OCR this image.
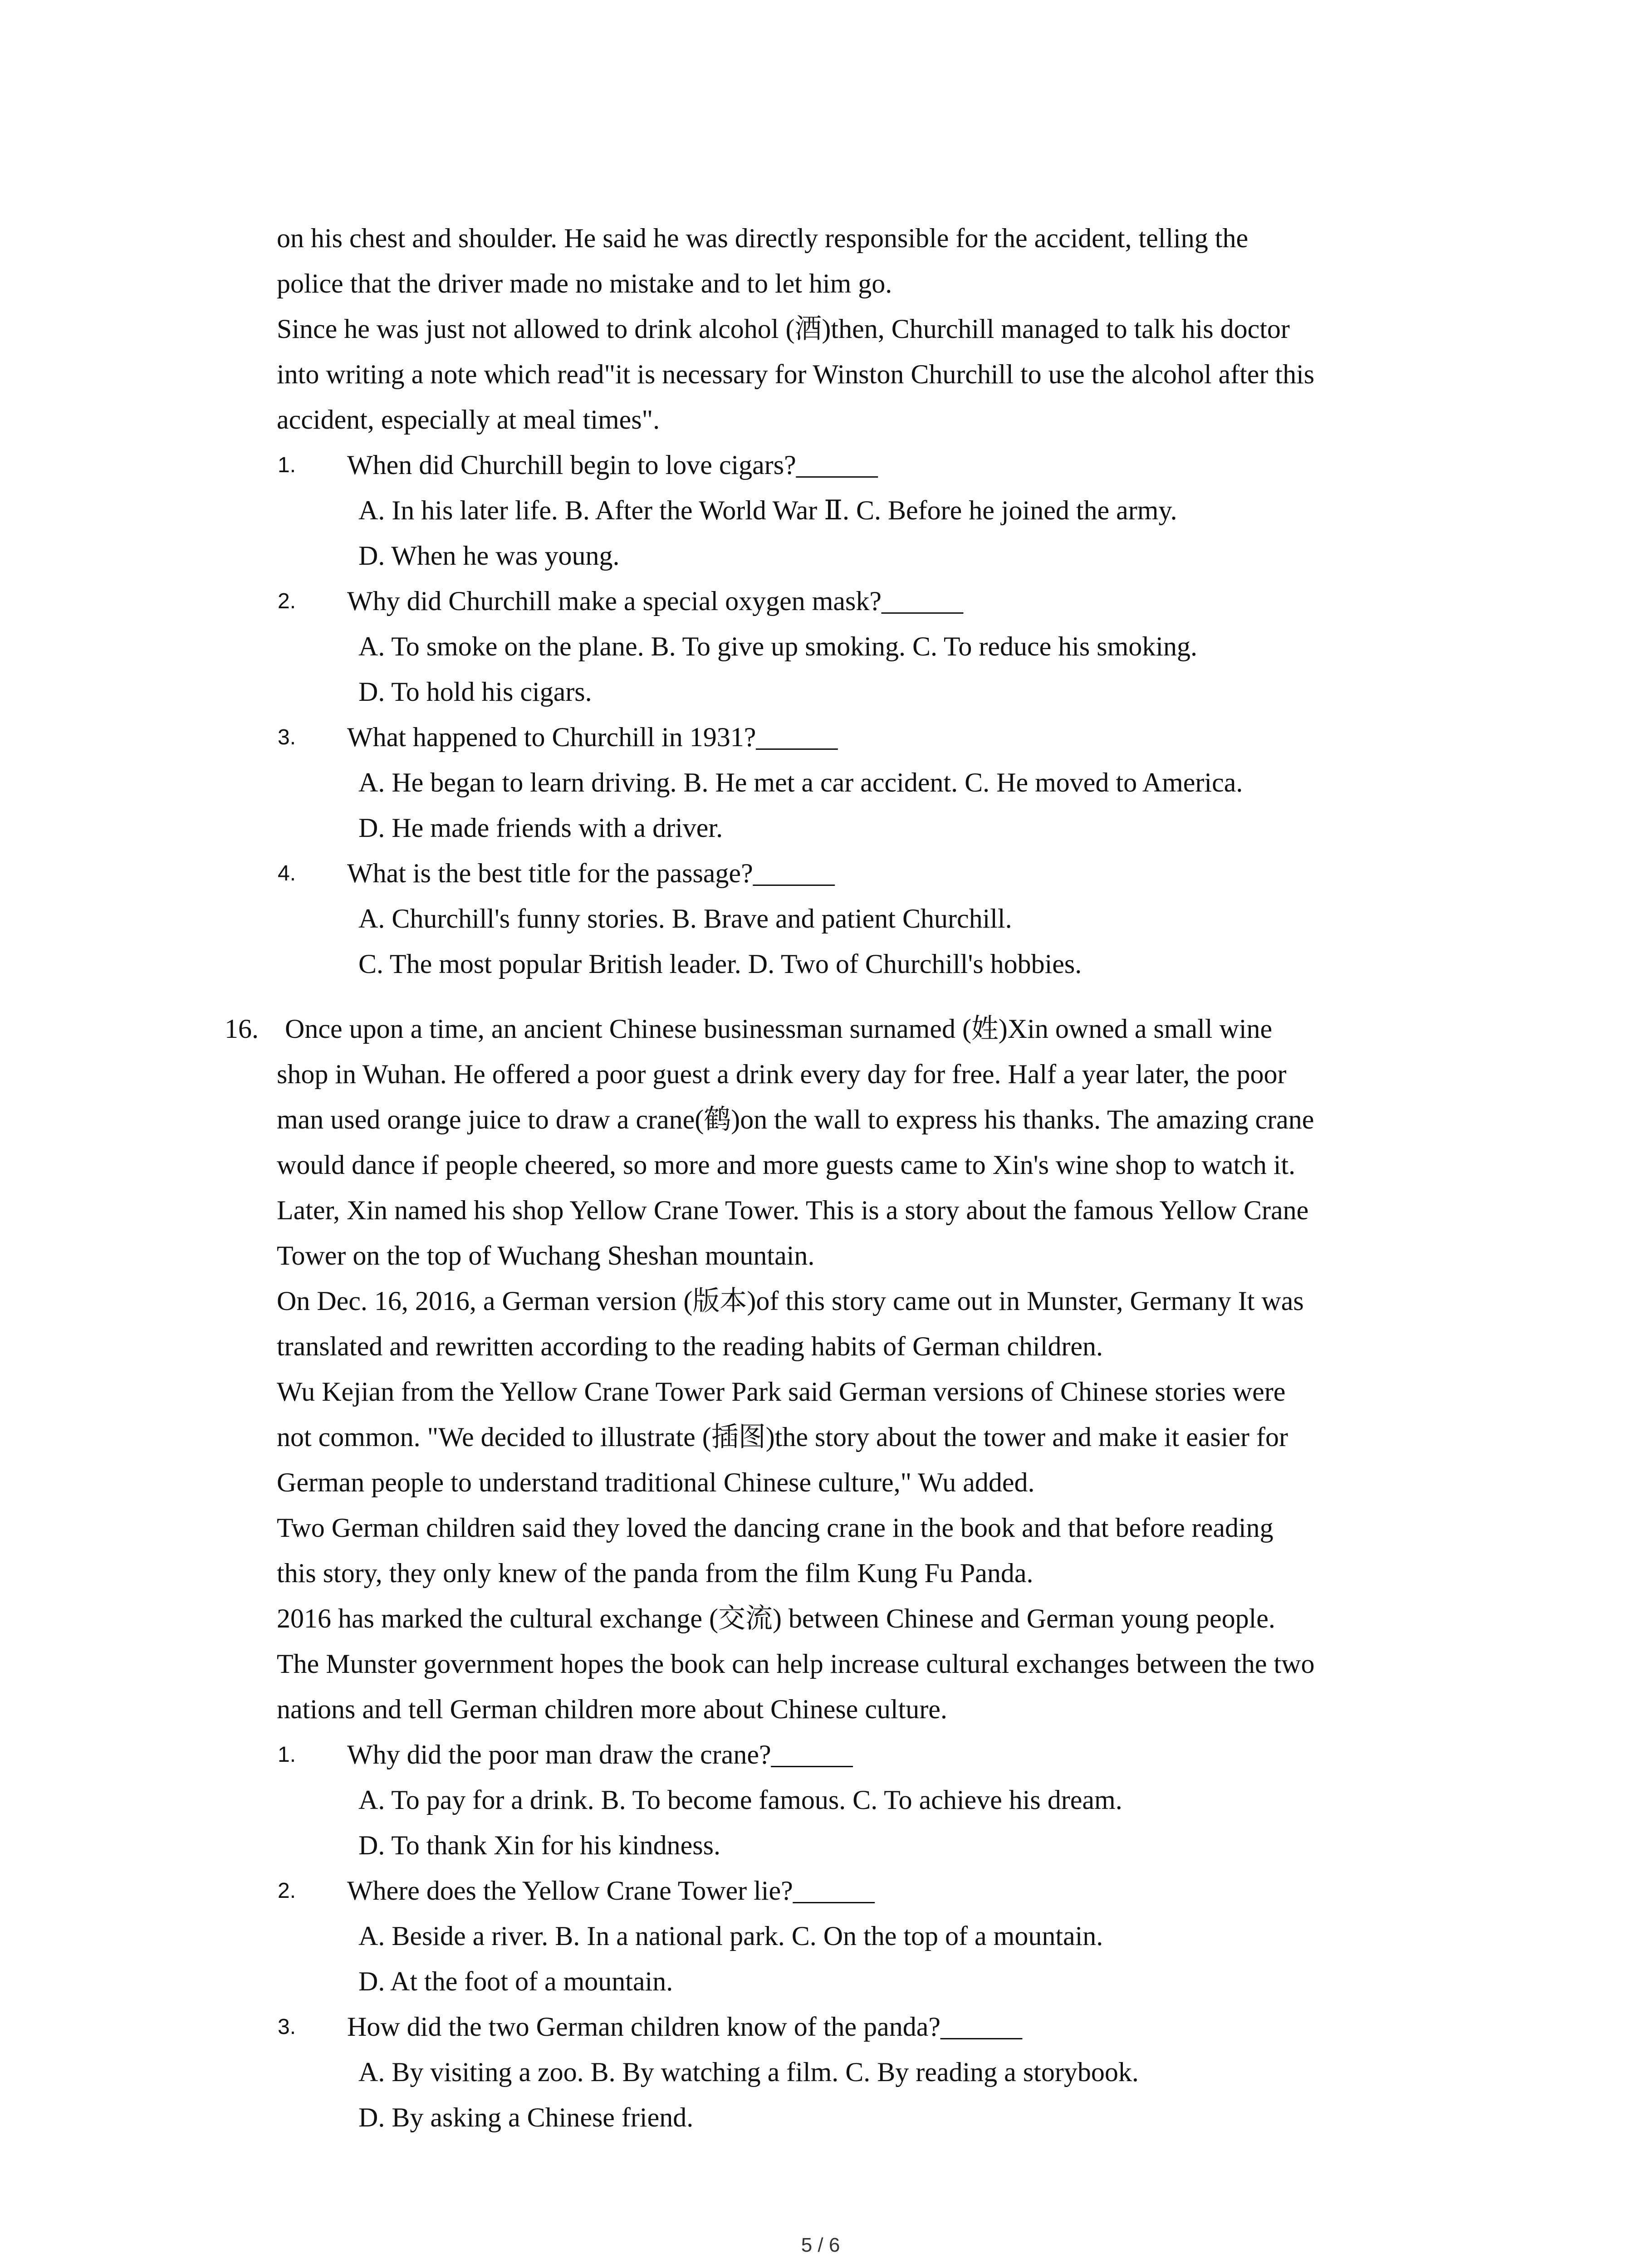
on his chest and shoulder. He said he was directly responsible for the accident, telling the
police that the driver made no mistake and to let him go.
Since he was just not allowed to drink alcohol (酒)then, Churchill managed to talk his doctor
into writing a note which read"it is necessary for Winston Churchill to use the alcohol after this
accident, especially at meal times".
1. When did Churchill begin to love cigars?______
A. In his later life. B. After the World War Ⅱ. C. Before he joined the army.
D. When he was young.
2. Why did Churchill make a special oxygen mask?______
A. To smoke on the plane. B. To give up smoking. C. To reduce his smoking.
D. To hold his cigars.
3. What happened to Churchill in 1931?______
A. He began to learn driving. B. He met a car accident. C. He moved to America.
D. He made friends with a driver.
4. What is the best title for the passage?______
A. Churchill's funny stories. B. Brave and patient Churchill.
C. The most popular British leader. D. Two of Churchill's hobbies.
16. Once upon a time, an ancient Chinese businessman surnamed (姓)Xin owned a small wine
shop in Wuhan. He offered a poor guest a drink every day for free. Half a year later, the poor
man used orange juice to draw a crane(鹤)on the wall to express his thanks. The amazing crane
would dance if people cheered, so more and more guests came to Xin's wine shop to watch it.
Later, Xin named his shop Yellow Crane Tower. This is a story about the famous Yellow Crane
Tower on the top of Wuchang Sheshan mountain.
On Dec. 16, 2016, a German version (版本)of this story came out in Munster, Germany It was
translated and rewritten according to the reading habits of German children.
Wu Kejian from the Yellow Crane Tower Park said German versions of Chinese stories were
not common. "We decided to illustrate (插图)the story about the tower and make it easier for
German people to understand traditional Chinese culture," Wu added.
Two German children said they loved the dancing crane in the book and that before reading
this story, they only knew of the panda from the film Kung Fu Panda.
2016 has marked the cultural exchange (交流) between Chinese and German young people.
The Munster government hopes the book can help increase cultural exchanges between the two
nations and tell German children more about Chinese culture.
1. Why did the poor man draw the crane?______
A. To pay for a drink. B. To become famous. C. To achieve his dream.
D. To thank Xin for his kindness.
2. Where does the Yellow Crane Tower lie?______
A. Beside a river. B. In a national park. C. On the top of a mountain.
D. At the foot of a mountain.
3. How did the two German children know of the panda?______
A. By visiting a zoo. B. By watching a film. C. By reading a storybook.
D. By asking a Chinese friend.
5 / 6
